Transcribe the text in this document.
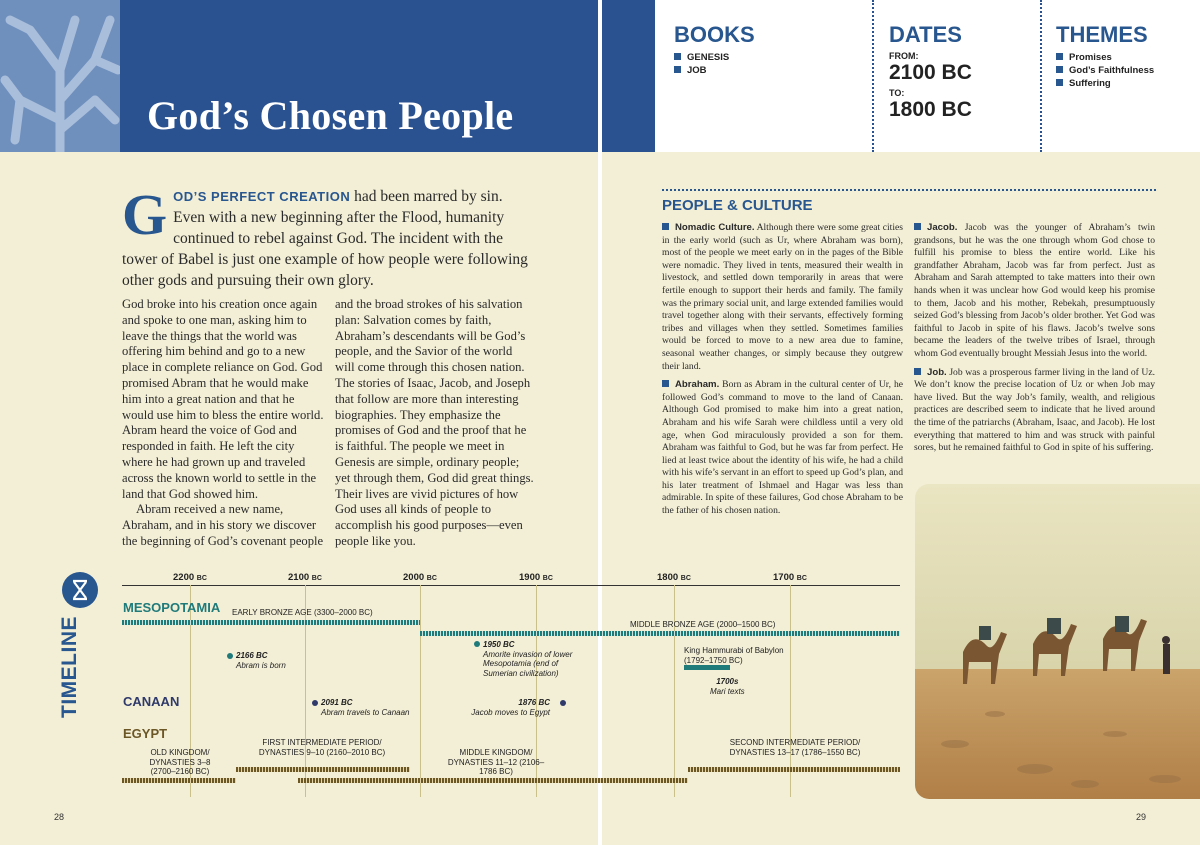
God’s Chosen People
BOOKS
GENESIS
JOB
DATES
FROM:
2100 BC
TO:
1800 BC
THEMES
Promises
God’s Faithfulness
Suffering
GOD’S PERFECT CREATION had been marred by sin. Even with a new beginning after the Flood, humanity continued to rebel against God. The incident with the tower of Babel is just one example of how people were following other gods and pursuing their own glory.
God broke into his creation once again and spoke to one man, asking him to leave the things that the world was offering him behind and go to a new place in complete reliance on God. God promised Abram that he would make him into a great nation and that he would use him to bless the entire world. Abram heard the voice of God and responded in faith. He left the city where he had grown up and traveled across the known world to settle in the land that God showed him.
Abram received a new name, Abraham, and in his story we discover the beginning of God’s covenant people
and the broad strokes of his salvation plan: Salvation comes by faith, Abraham’s descendants will be God’s people, and the Savior of the world will come through this chosen nation. The stories of Isaac, Jacob, and Joseph that follow are more than interesting biographies. They emphasize the promises of God and the proof that he is faithful. The people we meet in Genesis are simple, ordinary people; yet through them, God did great things. Their lives are vivid pictures of how God uses all kinds of people to accomplish his good purposes—even people like you.
PEOPLE & CULTURE

Nomadic Culture. Although there were some great cities in the early world (such as Ur, where Abraham was born), most of the people we meet early on in the pages of the Bible were nomadic. They lived in tents, measured their wealth in livestock, and settled down temporarily in areas that were fertile enough to support their herds and family. The family was the primary social unit, and large extended families would travel together along with their servants, effectively forming tribes and villages when they settled. Sometimes families would be forced to move to a new area due to famine, seasonal weather changes, or simply because they outgrew their land.

Abraham. Born as Abram in the cultural center of Ur, he followed God’s command to move to the land of Canaan. Although God promised to make him into a great nation, Abraham and his wife Sarah were childless until a very old age, when God miraculously provided a son for them. Abraham was faithful to God, but he was far from perfect. He lied at least twice about the identity of his wife, he had a child with his wife’s servant in an effort to speed up God’s plan, and his later treatment of Ishmael and Hagar was less than admirable. In spite of these failures, God chose Abraham to be the father of his chosen nation.

Jacob. Jacob was the younger of Abraham’s twin grandsons, but he was the one through whom God chose to fulfill his promise to bless the entire world. Like his grandfather Abraham, Jacob was far from perfect. Just as Abraham and Sarah attempted to take matters into their own hands when it was unclear how God would keep his promise to them, Jacob and his mother, Rebekah, presumptuously seized God’s blessing from Jacob’s older brother. Yet God was faithful to Jacob in spite of his flaws. Jacob’s twelve sons became the leaders of the twelve tribes of Israel, through whom God eventually brought Messiah Jesus into the world.

Job. Job was a prosperous farmer living in the land of Uz. We don’t know the precise location of Uz or when Job may have lived. But the way Job’s family, wealth, and religious practices are described seem to indicate that he lived around the time of the patriarchs (Abraham, Isaac, and Jacob). He lost everything that mattered to him and was struck with painful sores, but he remained faithful to God in spite of his suffering.

TIMELINE
2200 BC	2100 BC	2000 BC	1900 BC	1800 BC	1700 BC
MESOPOTAMIA
CANAAN
EGYPT
EARLY BRONZE AGE (3300–2000 BC)
MIDDLE BRONZE AGE (2000–1500 BC)
2166 BC
Abram is born
1950 BC
Amorite invasion of lower Mesopotamia (end of Sumerian civilization)
King Hammurabi of Babylon (1792–1750 BC)
1700s
Mari texts
2091 BC
Abram travels to Canaan
1876 BC
Jacob moves to Egypt
OLD KINGDOM/ DYNASTIES 3–8 (2700–2160 BC)
FIRST INTERMEDIATE PERIOD/ DYNASTIES 9–10 (2160–2010 BC)	MIDDLE KINGDOM/ DYNASTIES 11–12 (2106–1786 BC)
SECOND INTERMEDIATE PERIOD/ DYNASTIES 13–17 (1786–1550 BC)
28	29
